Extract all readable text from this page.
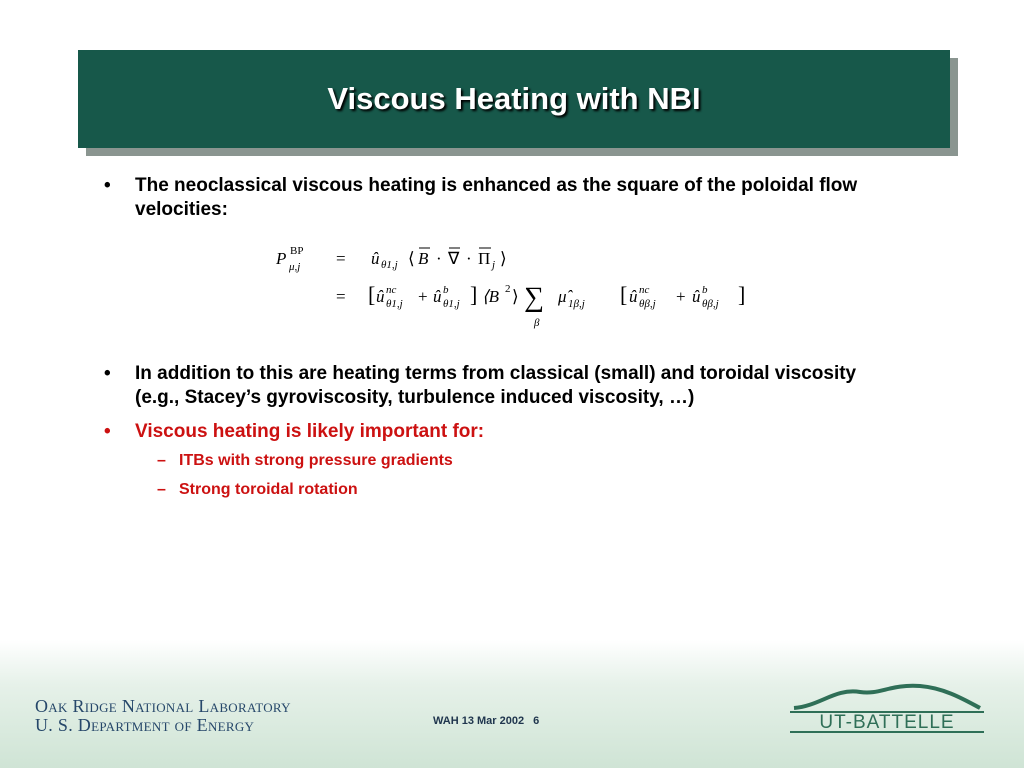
Viscous Heating with NBI
• The neoclassical viscous heating is enhanced as the square of the poloidal flow velocities:
P BP
μ,j = û θ1,j ⟨ B · ∇ · Π j ⟩
= [ û nc
θ1,j + û b
θ1,j ] ⟨B 2 ⟩ ∑
β
μ̂ 1β,j [ û nc
θβ,j + û b
θβ,j ]
• In addition to this are heating terms from classical (small) and toroidal viscosity (e.g., Stacey’s gyroviscosity, turbulence induced viscosity, …)
• Viscous heating is likely important for:
– ITBs with strong pressure gradients
– Strong toroidal rotation
Oak Ridge National Laboratory
U. S. Department of Energy	WAH 13 Mar 2002 6	UT-BATTELLE
